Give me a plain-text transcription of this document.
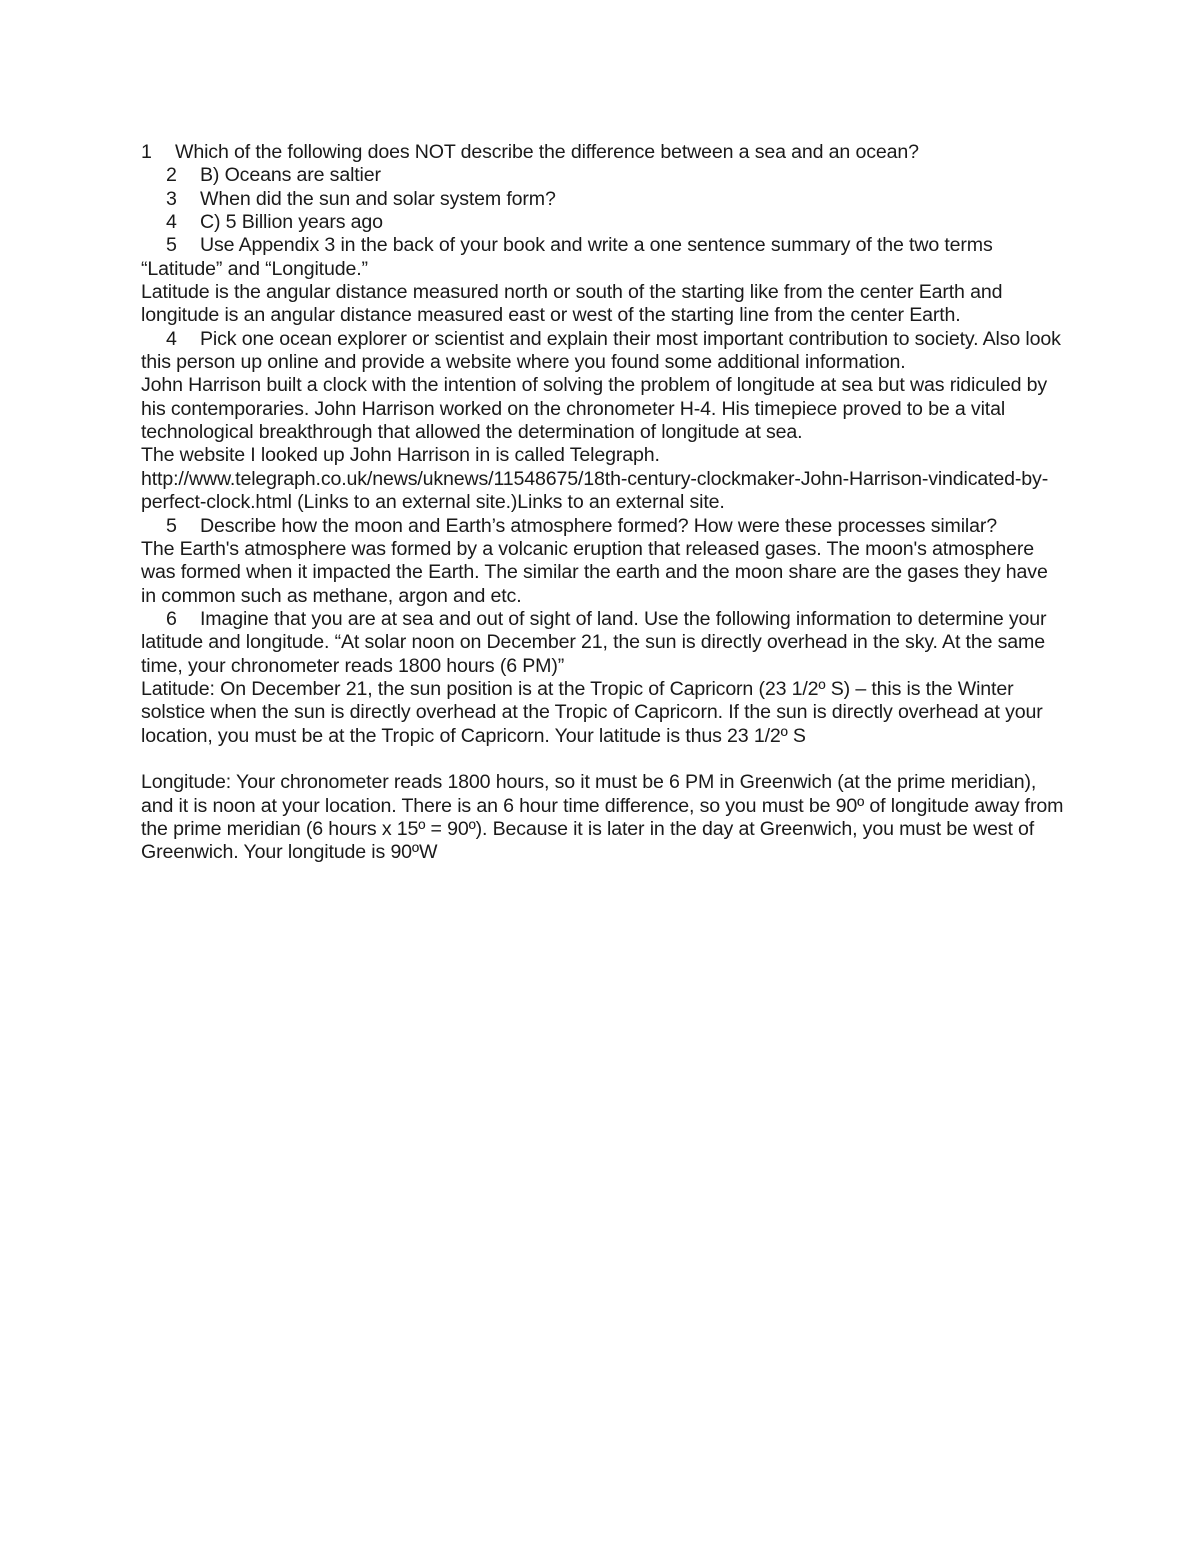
1	Which of the following does NOT describe the difference between a sea and an ocean?
2	B) Oceans are saltier
3	When did the sun and solar system form?
4	C) 5 Billion years ago
5 Use Appendix 3 in the back of your book and write a one sentence summary of the two terms “Latitude” and “Longitude.”
Latitude is the angular distance measured north or south of the starting like from the center Earth and longitude is an angular distance measured east or west of the starting line from the center Earth.
4 Pick one ocean explorer or scientist and explain their most important contribution to society. Also look this person up online and provide a website where you found some additional information.
John Harrison built a clock with the intention of solving the problem of longitude at sea but was ridiculed by his contemporaries. John Harrison worked on the chronometer H-4. His timepiece proved to be a vital technological breakthrough that allowed the determination of longitude at sea.
The website I looked up John Harrison in is called Telegraph.
http://www.telegraph.co.uk/news/uknews/11548675/18th-century-clockmaker-John-Harrison-vindicated-by-perfect-clock.html (Links to an external site.)Links to an external site.
5 Describe how the moon and Earth’s atmosphere formed? How were these processes similar?
The Earth's atmosphere was formed by a volcanic eruption that released gases. The moon's atmosphere was formed when it impacted the Earth. The similar the earth and the moon share are the gases they have in common such as methane, argon and etc.
6 Imagine that you are at sea and out of sight of land. Use the following information to determine your latitude and longitude. “At solar noon on December 21, the sun is directly overhead in the sky. At the same time, your chronometer reads 1800 hours (6 PM)”
Latitude: On December 21, the sun position is at the Tropic of Capricorn (23 1/2º S) – this is the Winter solstice when the sun is directly overhead at the Tropic of Capricorn. If the sun is directly overhead at your location, you must be at the Tropic of Capricorn. Your latitude is thus 23 1/2º S
Longitude: Your chronometer reads 1800 hours, so it must be 6 PM in Greenwich (at the prime meridian), and it is noon at your location. There is an 6 hour time difference, so you must be 90º of longitude away from the prime meridian (6 hours x 15º = 90º). Because it is later in the day at Greenwich, you must be west of Greenwich. Your longitude is 90ºW
